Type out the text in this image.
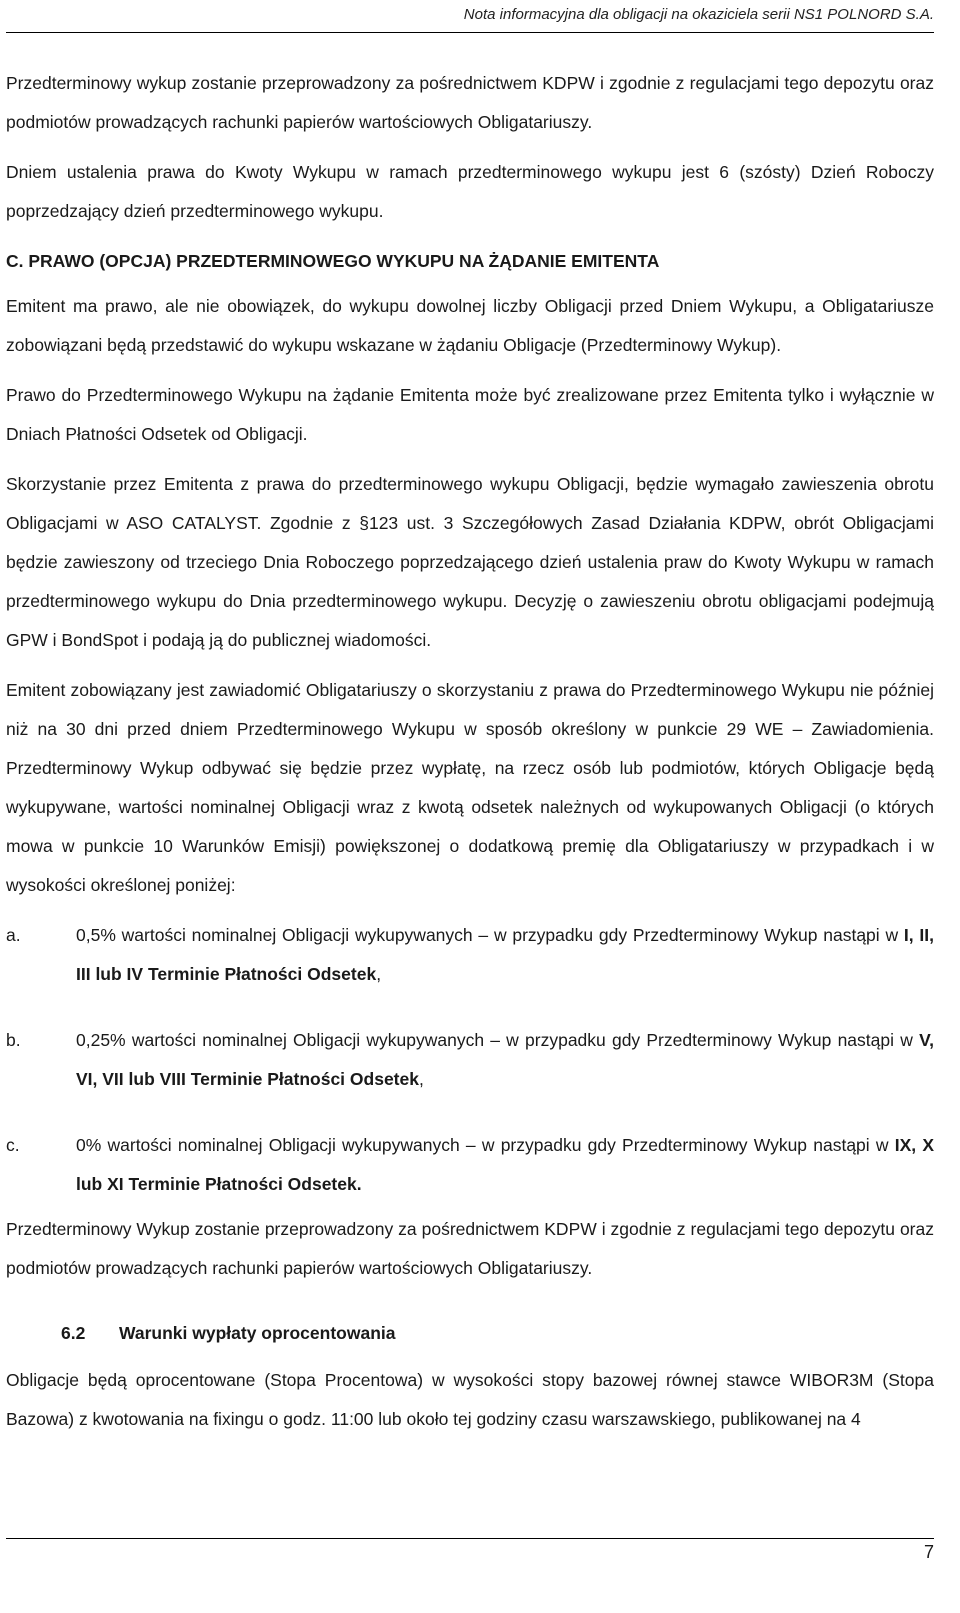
Nota informacyjna dla obligacji na okaziciela serii NS1 POLNORD S.A.

Przedterminowy wykup zostanie przeprowadzony za pośrednictwem KDPW i zgodnie z regulacjami tego depozytu oraz podmiotów prowadzących rachunki papierów wartościowych Obligatariuszy.

Dniem ustalenia prawa do Kwoty Wykupu w ramach przedterminowego wykupu jest 6 (szósty) Dzień Roboczy poprzedzający dzień przedterminowego wykupu.

C. PRAWO (OPCJA) PRZEDTERMINOWEGO WYKUPU NA ŻĄDANIE EMITENTA

Emitent ma prawo, ale nie obowiązek, do wykupu dowolnej liczby Obligacji przed Dniem Wykupu, a Obligatariusze zobowiązani będą przedstawić do wykupu wskazane w żądaniu Obligacje (Przedterminowy Wykup).

Prawo do Przedterminowego Wykupu na żądanie Emitenta może być zrealizowane przez Emitenta tylko i wyłącznie w Dniach Płatności Odsetek od Obligacji.

Skorzystanie przez Emitenta z prawa do przedterminowego wykupu Obligacji, będzie wymagało zawieszenia obrotu Obligacjami w ASO CATALYST. Zgodnie z §123 ust. 3 Szczegółowych Zasad Działania KDPW, obrót Obligacjami będzie zawieszony od trzeciego Dnia Roboczego poprzedzającego dzień ustalenia praw do Kwoty Wykupu w ramach przedterminowego wykupu do Dnia przedterminowego wykupu. Decyzję o zawieszeniu obrotu obligacjami podejmują GPW i BondSpot i podają ją do publicznej wiadomości.

Emitent zobowiązany jest zawiadomić Obligatariuszy o skorzystaniu z prawa do Przedterminowego Wykupu nie później niż na 30 dni przed dniem Przedterminowego Wykupu w sposób określony w punkcie 29 WE – Zawiadomienia. Przedterminowy Wykup odbywać się będzie przez wypłatę, na rzecz osób lub podmiotów, których Obligacje będą wykupywane, wartości nominalnej Obligacji wraz z kwotą odsetek należnych od wykupowanych Obligacji (o których mowa w punkcie 10 Warunków Emisji) powiększonej o dodatkową premię dla Obligatariuszy w przypadkach i w wysokości określonej poniżej:

a.	0,5% wartości nominalnej Obligacji wykupywanych – w przypadku gdy Przedterminowy Wykup nastąpi w I, II, III lub IV Terminie Płatności Odsetek,
b.	0,25% wartości nominalnej Obligacji wykupywanych – w przypadku gdy Przedterminowy Wykup nastąpi w V, VI, VII lub VIII Terminie Płatności Odsetek,
c.	0% wartości nominalnej Obligacji wykupywanych – w przypadku gdy Przedterminowy Wykup nastąpi w IX, X lub XI Terminie Płatności Odsetek.

Przedterminowy Wykup zostanie przeprowadzony za pośrednictwem KDPW i zgodnie z regulacjami tego depozytu oraz podmiotów prowadzących rachunki papierów wartościowych Obligatariuszy.

6.2	Warunki wypłaty oprocentowania

Obligacje będą oprocentowane (Stopa Procentowa) w wysokości stopy bazowej równej stawce WIBOR3M (Stopa Bazowa) z kwotowania na fixingu o godz. 11:00 lub około tej godziny czasu warszawskiego, publikowanej na 4

7
